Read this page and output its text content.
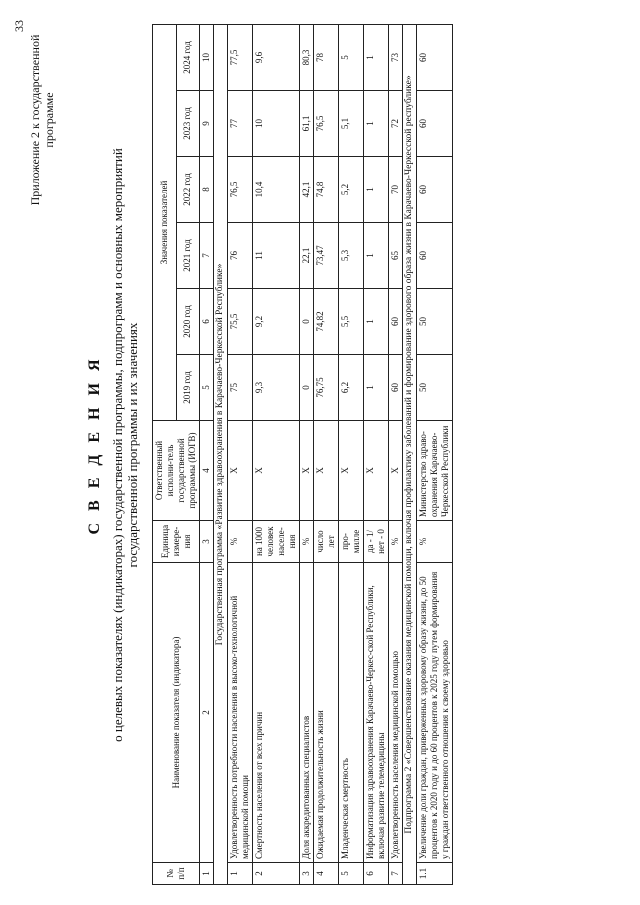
33
Приложение 2 к государственной программе
С В Е Д Е Н И Я о целевых показателях (индикаторах) государственной программы, подпрограмм и основных мероприятий государственной программы и их значениях
№ п/п	Наименование показателя (индикатора)	Единица измере-ния	Ответственный исполни-тель государственной программы (ИОГВ)	Значения показателей					
				2019 год	2020 год	2021 год	2022 год	2023 год	2024 год
1	2	3	4	5	6	7	8	9	10
Государственная программа «Развитие здравоохранения в Карачаево-Черкесской Республике»									
1	Удовлетворенность потребности населения в высоко-технологичной медицинской помощи	%	Х	75	75,5	76	76,5	77	77,5
2	Смертность населения от всех причин	на 1000 человек населе-ния	Х	9,3	9,2	11	10,4	10	9,6
3	Доля аккредитованных специалистов	%	Х	0	0	22,1	42,1	61,1	80,3
4	Ожидаемая продолжительность жизни	число лет	Х	76,75	74,82	73,47	74,8	76,5	78
5	Младенческая смертность	про-милле	Х	6,2	5,5	5,3	5,2	5,1	5
6	Информатизация здравоохранения Карачаево-Черкес-ской Республики, включая развитие телемедицины	да - 1/ нет - 0	Х	1	1	1	1	1	1
7	Удовлетворенность населения медицинской помощью	%	Х	60	60	65	70	72	73
Подпрограмма 2 «Совершенствование оказания медицинской помощи, включая профилактику заболеваний и формирование здорового образа жизни в Карачаево-Черкесской республике»									
1.1	Увеличение доли граждан, приверженных здоровому образу жизни, до 50 процентов к 2020 году и до 60 процентов к 2025 году путем формирования у граждан ответственного отношения к своему здоровью	%	Министерство здраво-охранения Карачаево-Черкесской Республики	50	50	60	60	60	60
